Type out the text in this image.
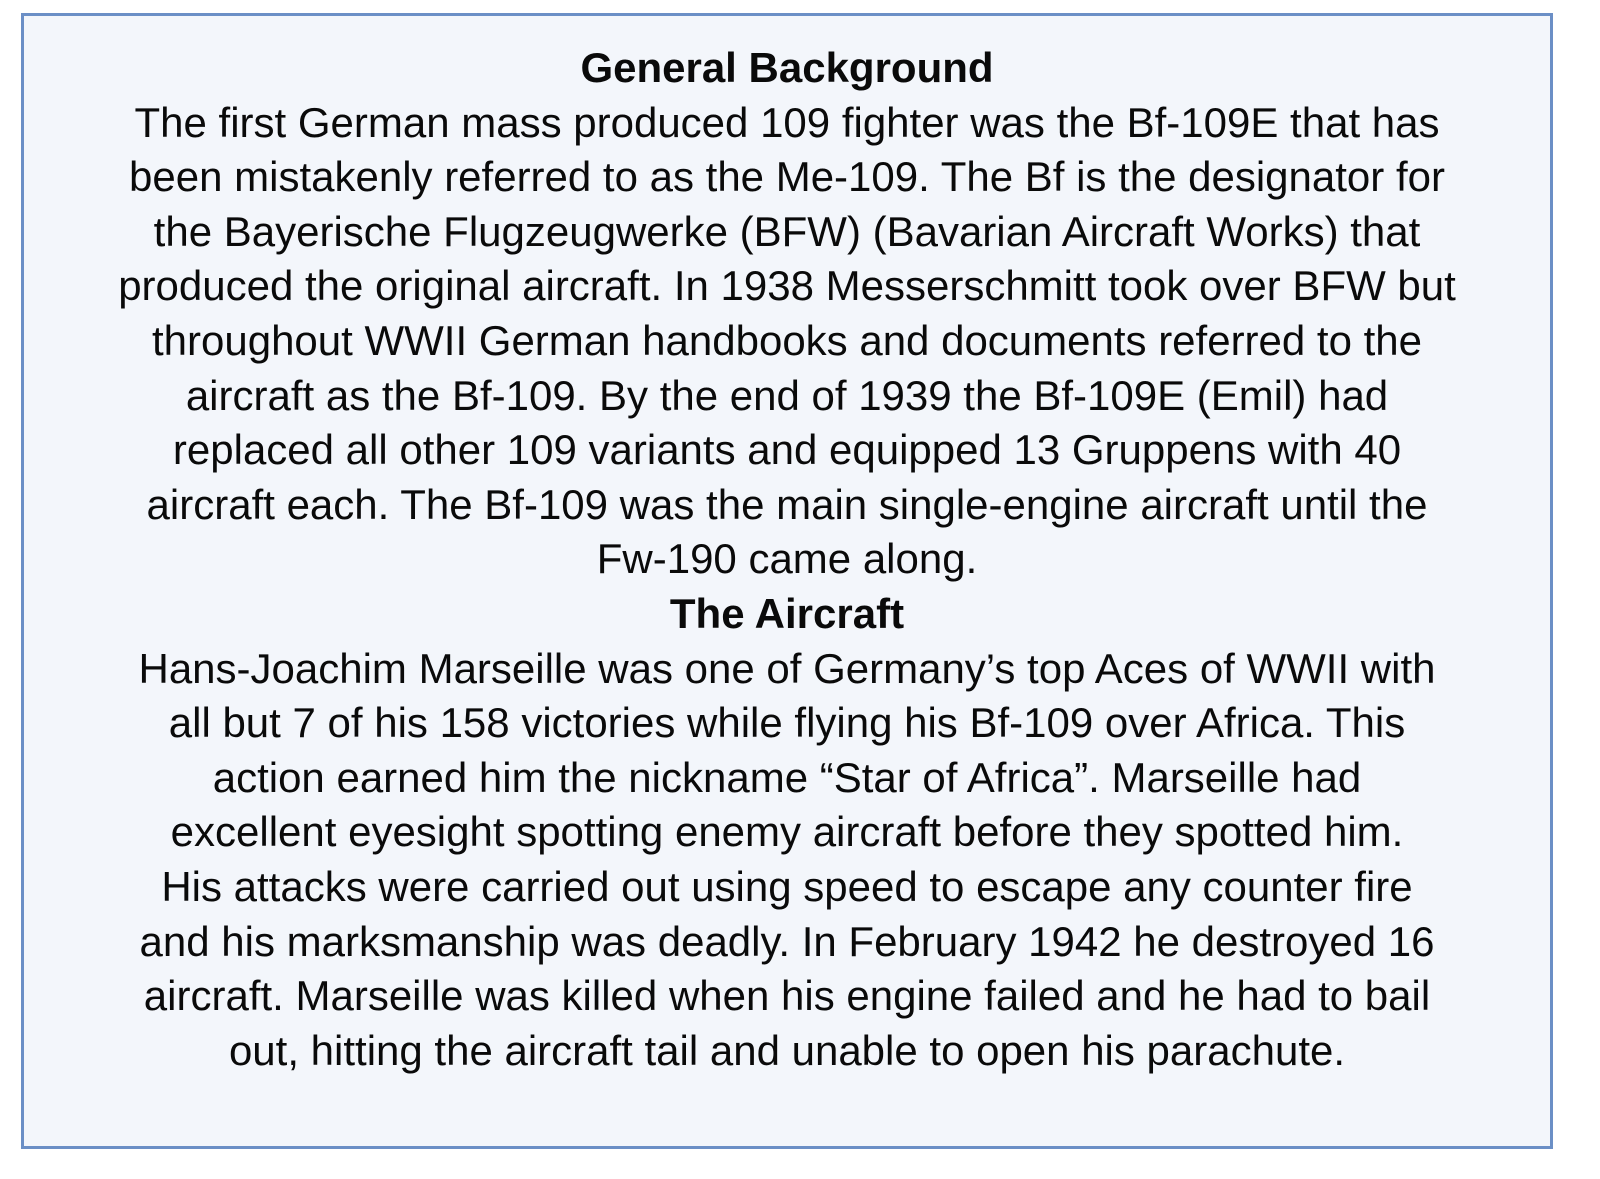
General Background
The first German mass produced 109 fighter was the Bf-109E that has
been mistakenly referred to as the Me-109. The Bf is the designator for
the Bayerische Flugzeugwerke (BFW) (Bavarian Aircraft Works) that
produced the original aircraft. In 1938 Messerschmitt took over BFW but
throughout WWII German handbooks and documents referred to the
aircraft as the Bf-109. By the end of 1939 the Bf-109E (Emil) had
replaced all other 109 variants and equipped 13 Gruppens with 40
aircraft each. The Bf-109 was the main single-engine aircraft until the
Fw-190 came along.
The Aircraft
Hans-Joachim Marseille was one of Germany’s top Aces of WWII with
all but 7 of his 158 victories while flying his Bf-109 over Africa. This
action earned him the nickname “Star of Africa”. Marseille had
excellent eyesight spotting enemy aircraft before they spotted him.
His attacks were carried out using speed to escape any counter fire
and his marksmanship was deadly. In February 1942 he destroyed 16
aircraft. Marseille was killed when his engine failed and he had to bail
out, hitting the aircraft tail and unable to open his parachute.
